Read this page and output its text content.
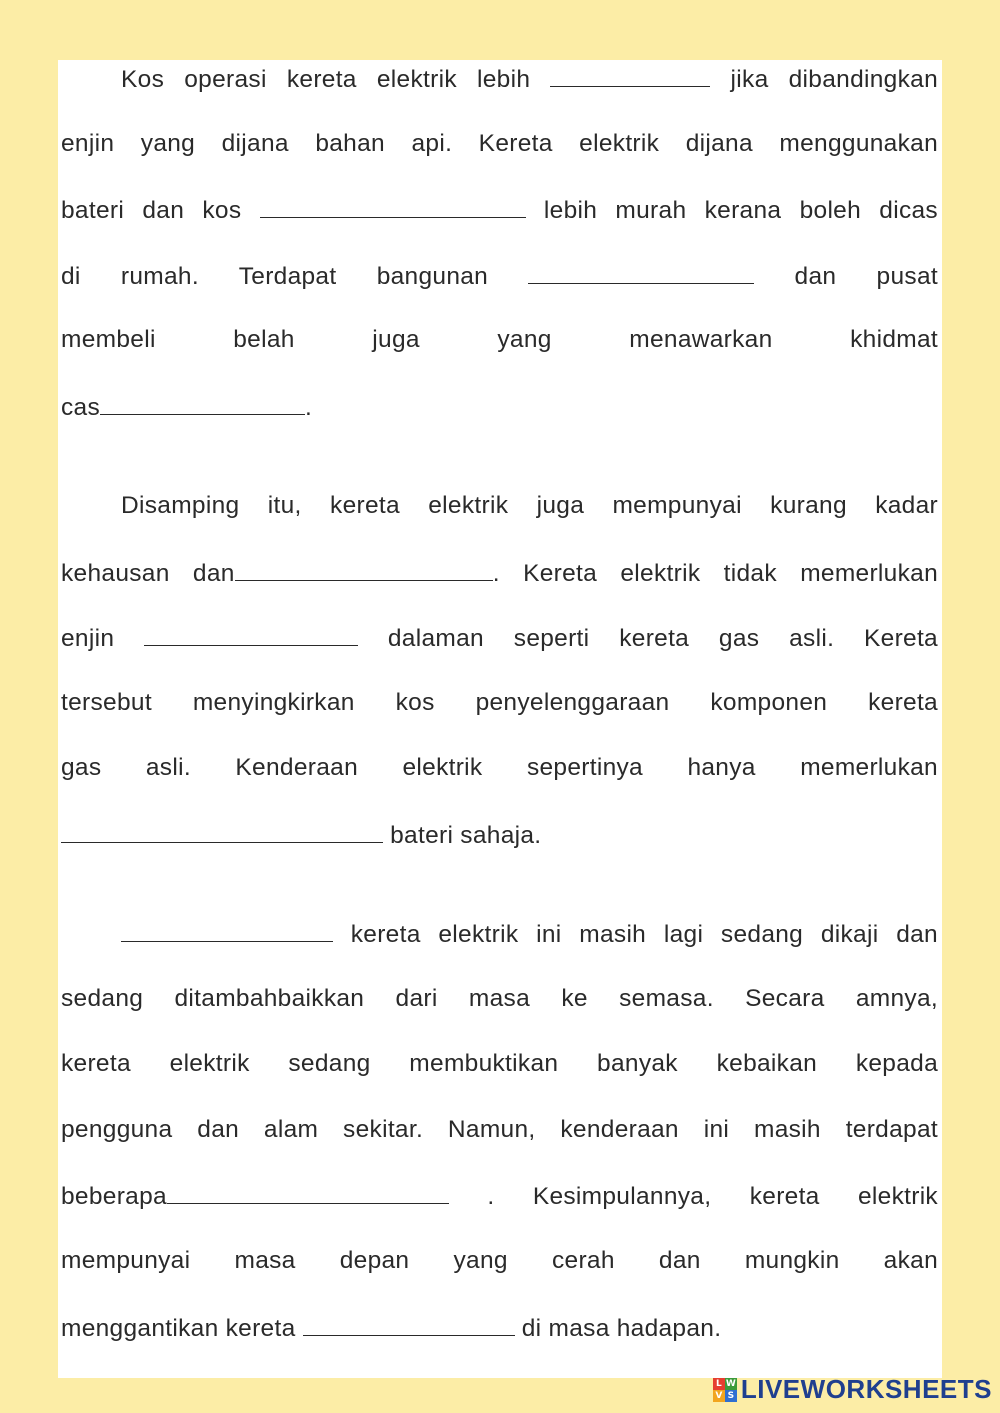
Kos operasi kereta elektrik lebih	jika dibandingkan
enjin yang dijana bahan api. Kereta elektrik dijana menggunakan
bateri dan kos	lebih murah kerana boleh dicas
di rumah. Terdapat bangunan	dan pusat
membeli belah juga yang menawarkan khidmat
cas	.
Disamping itu, kereta elektrik juga mempunyai kurang kadar
kehausan dan	. Kereta elektrik tidak memerlukan
enjin	dalaman seperti kereta gas asli. Kereta
tersebut menyingkirkan kos penyelenggaraan komponen kereta
gas asli. Kenderaan elektrik sepertinya hanya memerlukan
bateri sahaja.
kereta elektrik ini masih lagi sedang dikaji dan
sedang ditambahbaikkan dari masa ke semasa. Secara amnya,
kereta elektrik sedang membuktikan banyak kebaikan kepada
pengguna dan alam sekitar. Namun, kenderaan ini masih terdapat
beberapa	. Kesimpulannya, kereta elektrik
mempunyai masa depan yang cerah dan mungkin akan
menggantikan kereta	di masa hadapan.
L W
V S LIVEWORKSHEETS
